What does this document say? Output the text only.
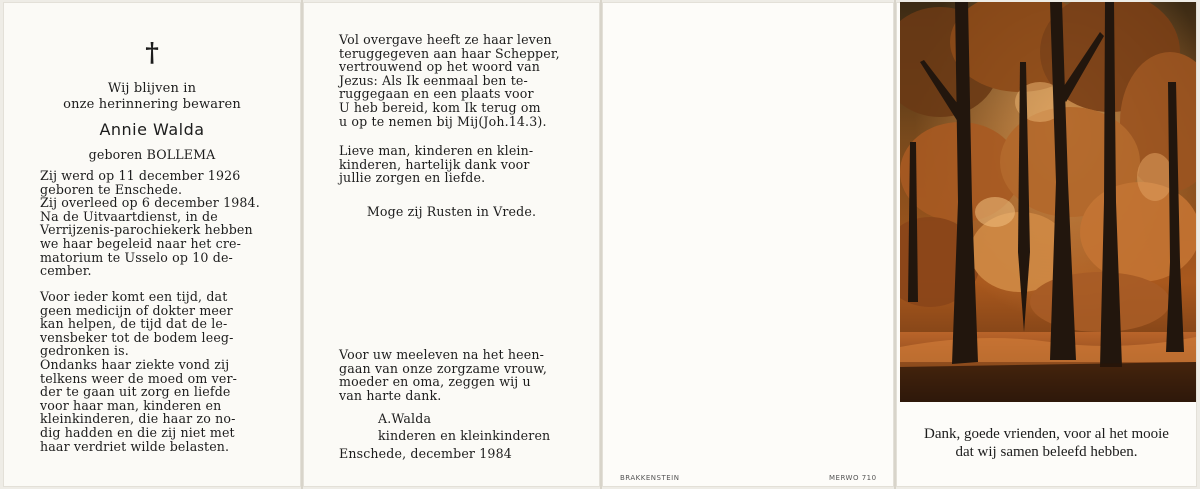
†
Wij blijven in
onze herinnering bewaren
Annie Walda
geboren BOLLEMA
Zij werd op 11 december 1926
geboren te Enschede.
Zij overleed op 6 december 1984.
Na de Uitvaartdienst, in de
Verrijzenis-parochiekerk hebben
we haar begeleid naar het cre-
matorium te Usselo op 10 de-
cember.
Voor ieder komt een tijd, dat
geen medicijn of dokter meer
kan helpen, de tijd dat de le-
vensbeker tot de bodem leeg-
gedronken is.
Ondanks haar ziekte vond zij
telkens weer de moed om ver-
der te gaan uit zorg en liefde
voor haar man, kinderen en
kleinkinderen, die haar zo no-
dig hadden en die zij niet met
haar verdriet wilde belasten.
Vol overgave heeft ze haar leven
teruggegeven aan haar Schepper,
vertrouwend op het woord van
Jezus: Als Ik eenmaal ben te-
ruggegaan en een plaats voor
U heb bereid, kom Ik terug om
u op te nemen bij Mij(Joh.14.3).
Lieve man, kinderen en klein-
kinderen, hartelijk dank voor
jullie zorgen en liefde.
Moge zij Rusten in Vrede.
Voor uw meeleven na het heen-
gaan van onze zorgzame vrouw,
moeder en oma, zeggen wij u
van harte dank.
A.Walda
kinderen en kleinkinderen
Enschede, december 1984
BRAKKENSTEIN	MERWO 710
Dank, goede vrienden, voor al het mooie
dat wij samen beleefd hebben.
